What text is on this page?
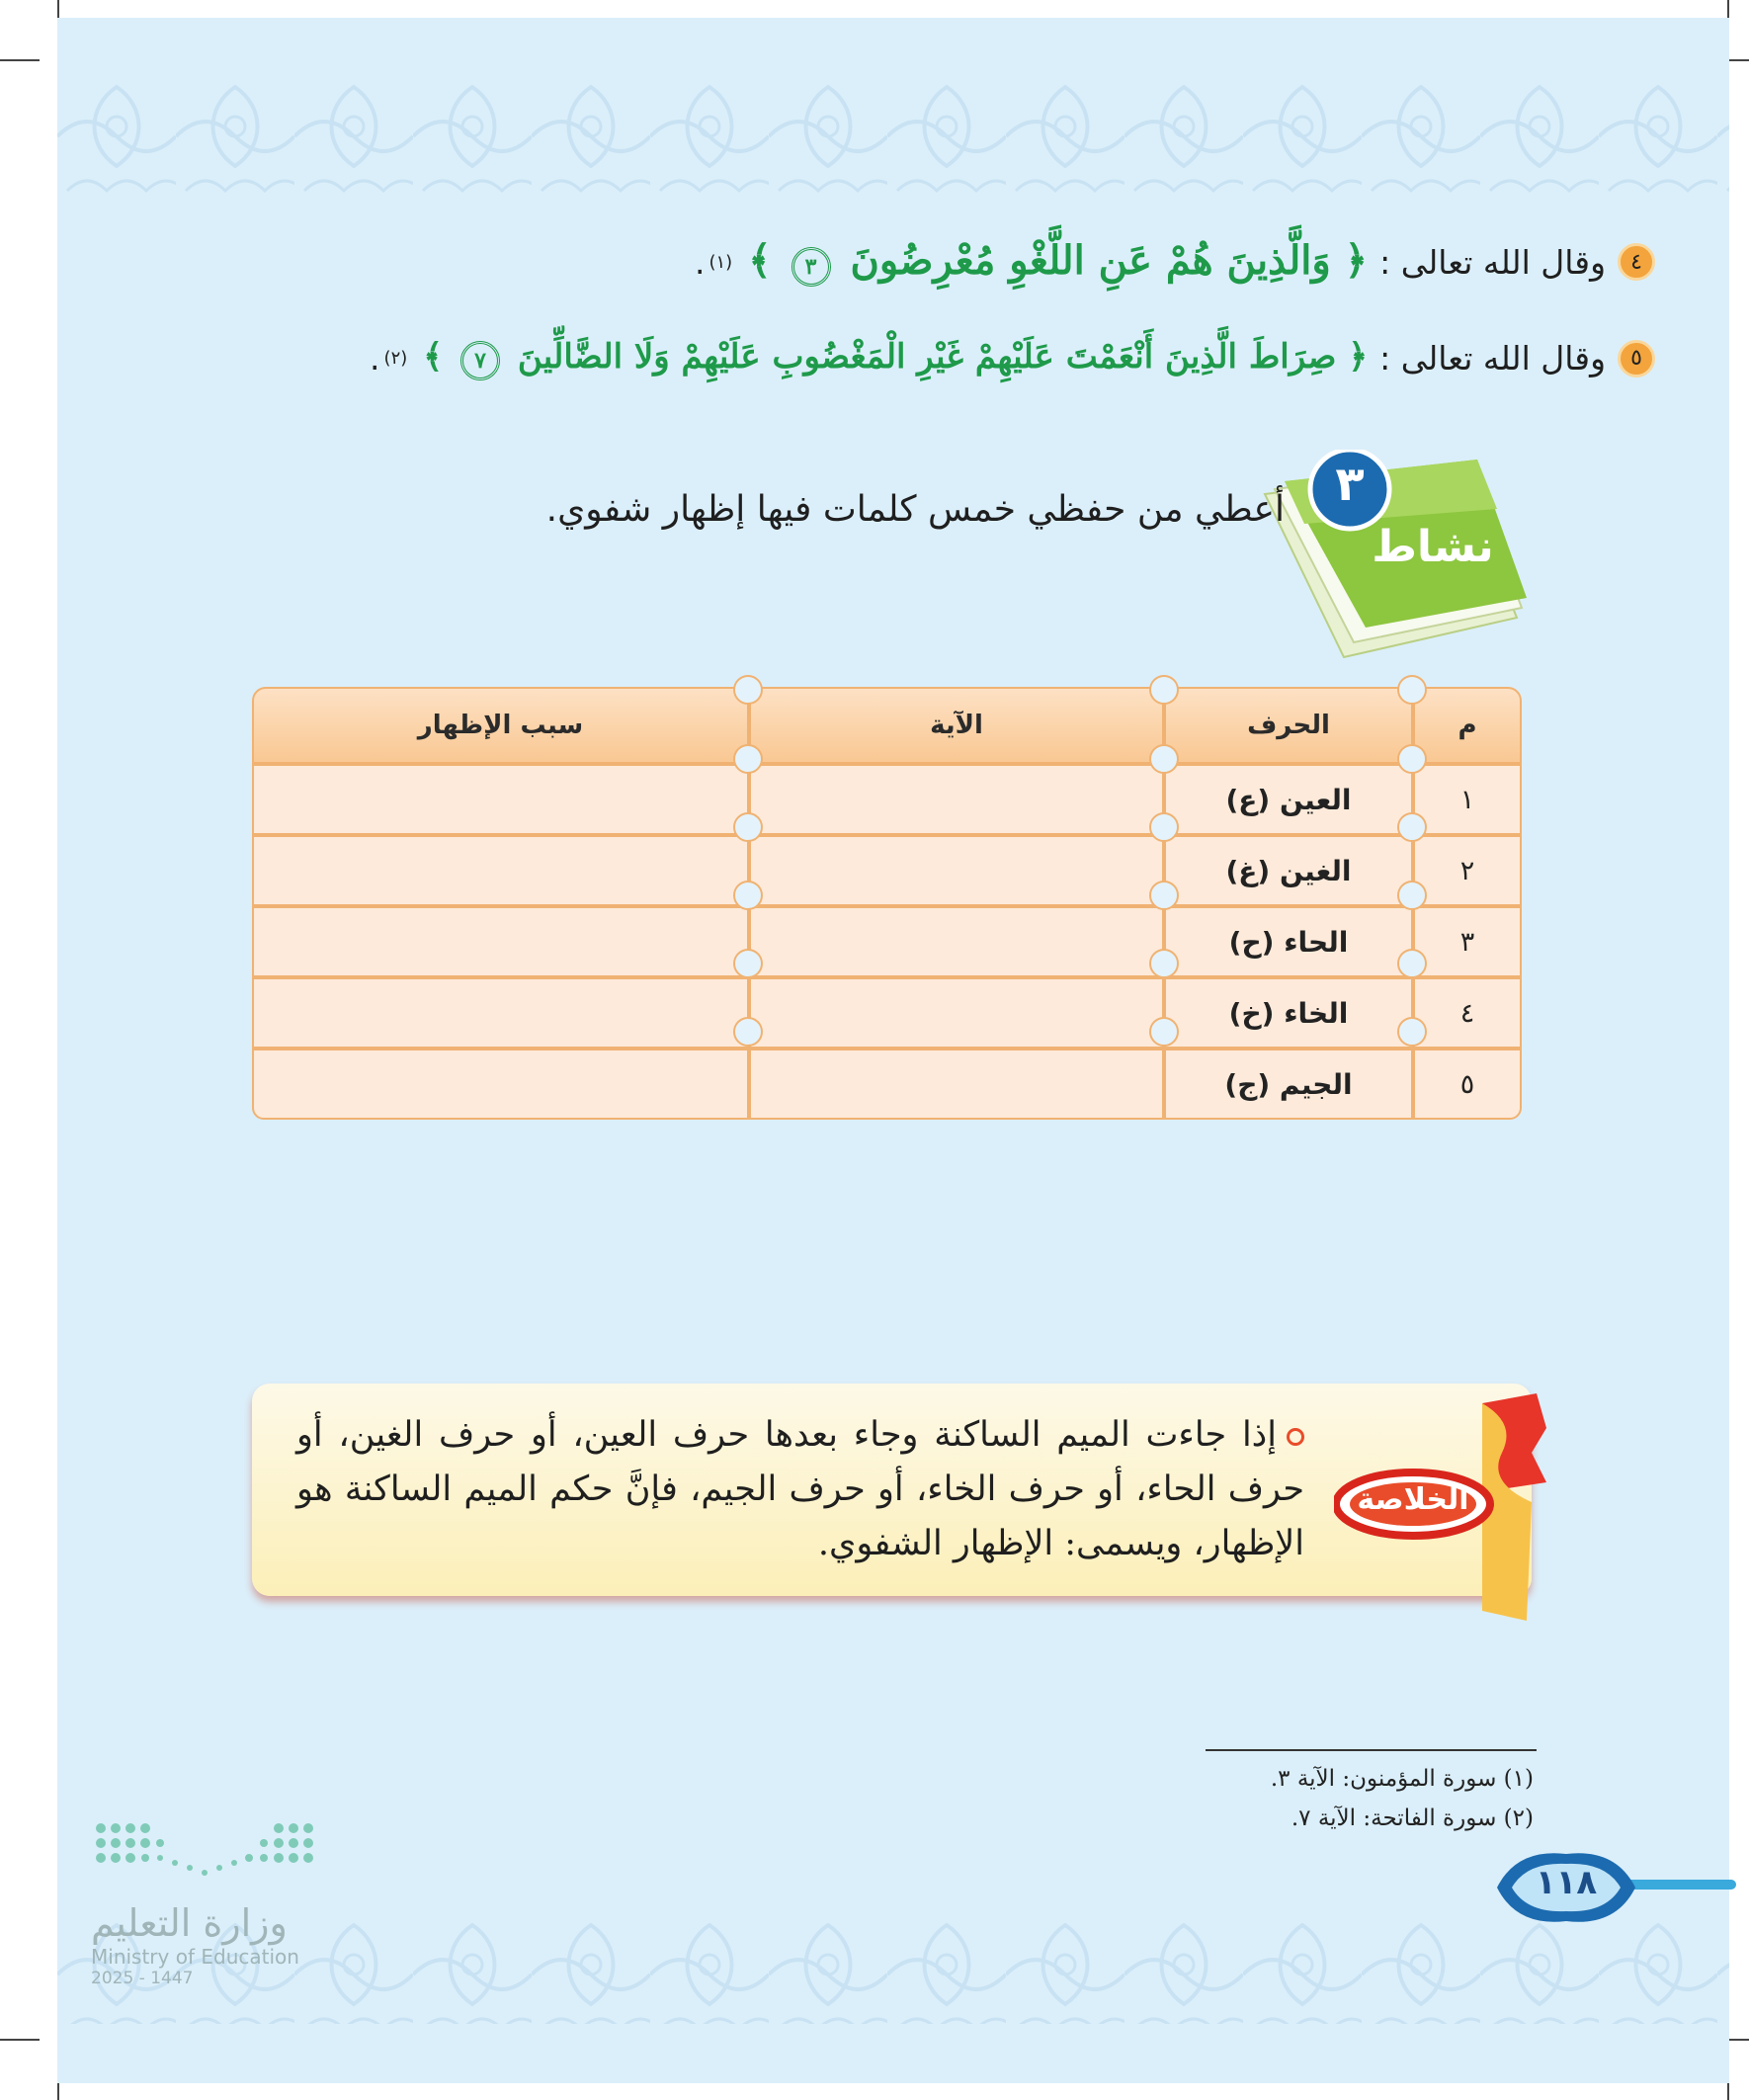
٤
وقال الله تعالى :
﴿ وَالَّذِينَ هُمْ عَنِ اللَّغْوِ مُعْرِضُونَ ٣ ﴾
(١)
.
٥
وقال الله تعالى :
﴿ صِرَاطَ الَّذِينَ أَنْعَمْتَ عَلَيْهِمْ غَيْرِ الْمَغْضُوبِ عَلَيْهِمْ وَلَا الضَّالِّينَ ٧ ﴾
(٢)
.
٣
نشاط
أعطي من حفظي خمس كلمات فيها إظهار شفوي.
م	الحرف	الآية	سبب الإظهار
١	العين (ع)		
٢	الغين (غ)		
٣	الحاء (ح)		
٤	الخاء (خ)		
٥	الجيم (ج)		
الخلاصة
إذا جاءت الميم الساكنة وجاء بعدها حرف العين، أو حرف الغين، أو حرف الحاء، أو حرف الخاء، أو حرف الجيم، فإنَّ حكم الميم الساكنة هو الإظهار، ويسمى: الإظهار الشفوي.
(١) سورة المؤمنون: الآية ٣.
(٢) سورة الفاتحة: الآية ٧.
١١٨
وزارة التعليم
Ministry of Education
2025 - 1447
